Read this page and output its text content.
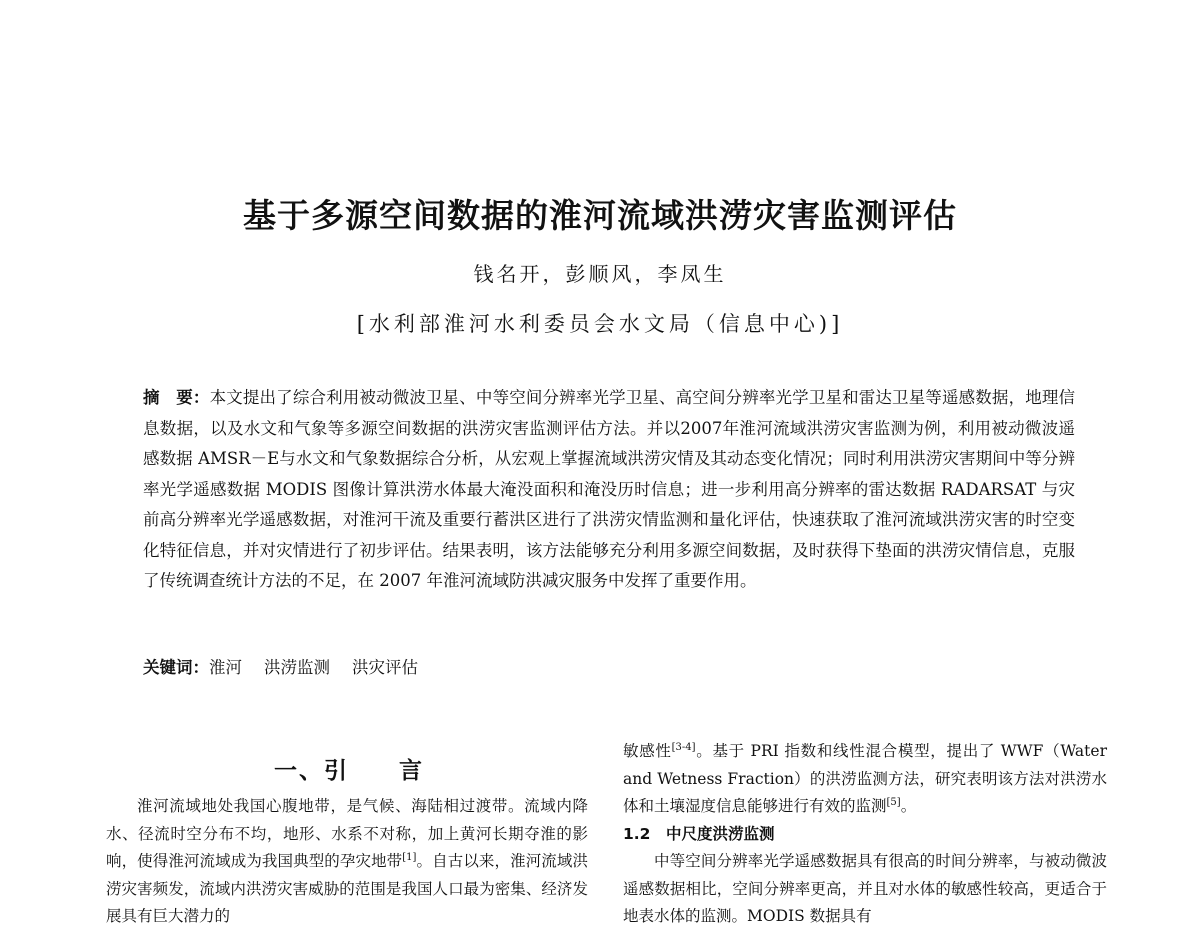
基于多源空间数据的淮河流域洪涝灾害监测评估
钱名开，彭顺风，李凤生
[水利部淮河水利委员会水文局（信息中心)]
摘　要：本文提出了综合利用被动微波卫星、中等空间分辨率光学卫星、高空间分辨率光学卫星和雷达卫星等遥感数据，地理信息数据，以及水文和气象等多源空间数据的洪涝灾害监测评估方法。并以2007年淮河流域洪涝灾害监测为例，利用被动微波遥感数据 AMSR－E与水文和气象数据综合分析，从宏观上掌握流域洪涝灾情及其动态变化情况；同时利用洪涝灾害期间中等分辨率光学遥感数据 MODIS 图像计算洪涝水体最大淹没面积和淹没历时信息；进一步利用高分辨率的雷达数据 RADARSAT 与灾前高分辨率光学遥感数据，对淮河干流及重要行蓄洪区进行了洪涝灾情监测和量化评估，快速获取了淮河流域洪涝灾害的时空变化特征信息，并对灾情进行了初步评估。结果表明，该方法能够充分利用多源空间数据，及时获得下垫面的洪涝灾情信息，克服了传统调查统计方法的不足，在 2007 年淮河流域防洪减灾服务中发挥了重要作用。
关键词：淮河 洪涝监测 洪灾评估
一、引　　言
淮河流域地处我国心腹地带，是气候、海陆相过渡带。流域内降水、径流时空分布不均，地形、水系不对称，加上黄河长期夺淮的影响，使得淮河流域成为我国典型的孕灾地带[1]。自古以来，淮河流域洪涝灾害频发，流域内洪涝灾害威胁的范围是我国人口最为密集、经济发展具有巨大潜力的
敏感性[3-4]。基于 PRI 指数和线性混合模型，提出了 WWF（Water and Wetness Fraction）的洪涝监测方法，研究表明该方法对洪涝水体和土壤湿度信息能够进行有效的监测[5]。
1.2　中尺度洪涝监测
中等空间分辨率光学遥感数据具有很高的时间分辨率，与被动微波遥感数据相比，空间分辨率更高，并且对水体的敏感性较高，更适合于地表水体的监测。MODIS 数据具有
